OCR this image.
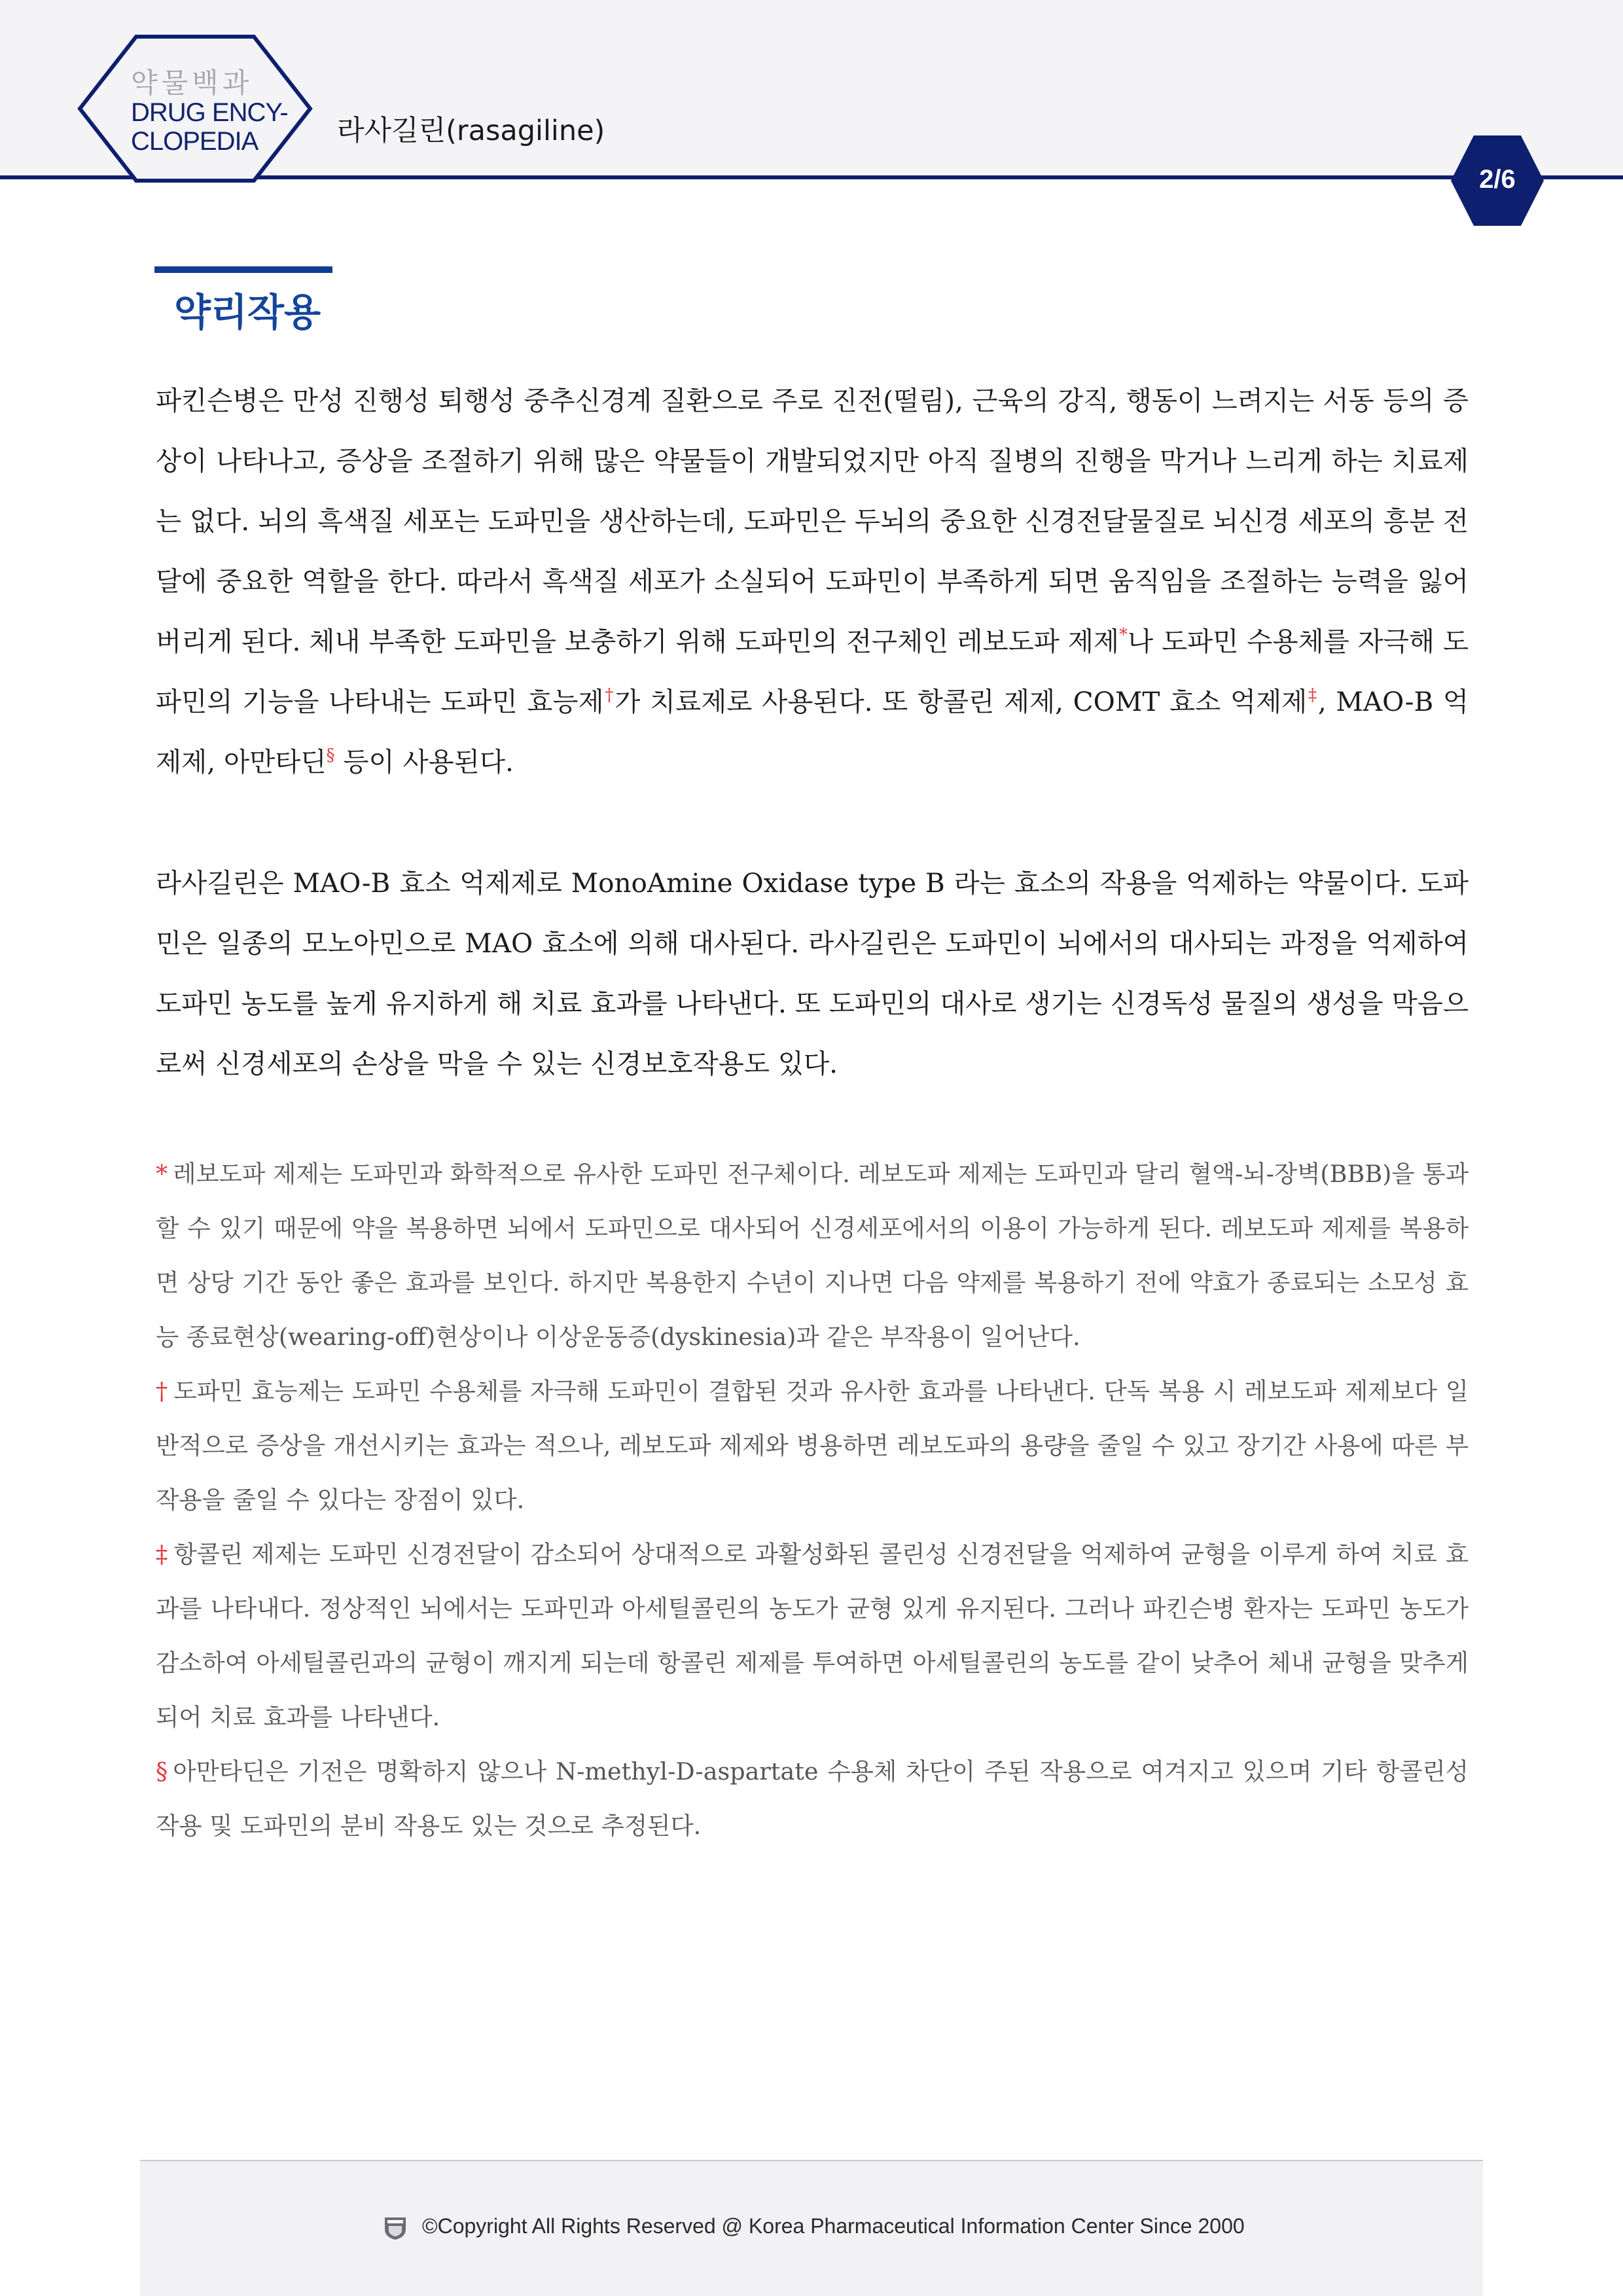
약물백과
DRUG ENCY-
CLOPEDIA	라사길린(rasagiline)
2/6
약리작용
파킨슨병은 만성 진행성 퇴행성 중추신경계 질환으로 주로 진전(떨림), 근육의 강직, 행동이 느려지는 서동 등의 증상이 나타나고, 증상을 조절하기 위해 많은 약물들이 개발되었지만 아직 질병의 진행을 막거나 느리게 하는 치료제는 없다. 뇌의 흑색질 세포는 도파민을 생산하는데, 도파민은 두뇌의 중요한 신경전달물질로 뇌신경 세포의 흥분 전달에 중요한 역할을 한다. 따라서 흑색질 세포가 소실되어 도파민이 부족하게 되면 움직임을 조절하는 능력을 잃어버리게 된다. 체내 부족한 도파민을 보충하기 위해 도파민의 전구체인 레보도파 제제*나 도파민 수용체를 자극해 도파민의 기능을 나타내는 도파민 효능제†가 치료제로 사용된다. 또 항콜린 제제, COMT 효소 억제제‡, MAO-B 억제제, 아만타딘§ 등이 사용된다.
라사길린은 MAO-B 효소 억제제로 MonoAmine Oxidase type B 라는 효소의 작용을 억제하는 약물이다. 도파민은 일종의 모노아민으로 MAO 효소에 의해 대사된다. 라사길린은 도파민이 뇌에서의 대사되는 과정을 억제하여 도파민 농도를 높게 유지하게 해 치료 효과를 나타낸다. 또 도파민의 대사로 생기는 신경독성 물질의 생성을 막음으로써 신경세포의 손상을 막을 수 있는 신경보호작용도 있다.

* 레보도파 제제는 도파민과 화학적으로 유사한 도파민 전구체이다. 레보도파 제제는 도파민과 달리 혈액-뇌-장벽(BBB)을 통과할 수 있기 때문에 약을 복용하면 뇌에서 도파민으로 대사되어 신경세포에서의 이용이 가능하게 된다. 레보도파 제제를 복용하면 상당 기간 동안 좋은 효과를 보인다. 하지만 복용한지 수년이 지나면 다음 약제를 복용하기 전에 약효가 종료되는 소모성 효능 종료현상(wearing-off)현상이나 이상운동증(dyskinesia)과 같은 부작용이 일어난다.

† 도파민 효능제는 도파민 수용체를 자극해 도파민이 결합된 것과 유사한 효과를 나타낸다. 단독 복용 시 레보도파 제제보다 일반적으로 증상을 개선시키는 효과는 적으나, 레보도파 제제와 병용하면 레보도파의 용량을 줄일 수 있고 장기간 사용에 따른 부작용을 줄일 수 있다는 장점이 있다.

‡ 항콜린 제제는 도파민 신경전달이 감소되어 상대적으로 과활성화된 콜린성 신경전달을 억제하여 균형을 이루게 하여 치료 효과를 나타내다. 정상적인 뇌에서는 도파민과 아세틸콜린의 농도가 균형 있게 유지된다. 그러나 파킨슨병 환자는 도파민 농도가 감소하여 아세틸콜린과의 균형이 깨지게 되는데 항콜린 제제를 투여하면 아세틸콜린의 농도를 같이 낮추어 체내 균형을 맞추게 되어 치료 효과를 나타낸다.

§ 아만타딘은 기전은 명확하지 않으나 N-methyl-D-aspartate 수용체 차단이 주된 작용으로 여겨지고 있으며 기타 항콜린성 작용 및 도파민의 분비 작용도 있는 것으로 추정된다.

©Copyright All Rights Reserved @ Korea Pharmaceutical Information Center Since 2000
